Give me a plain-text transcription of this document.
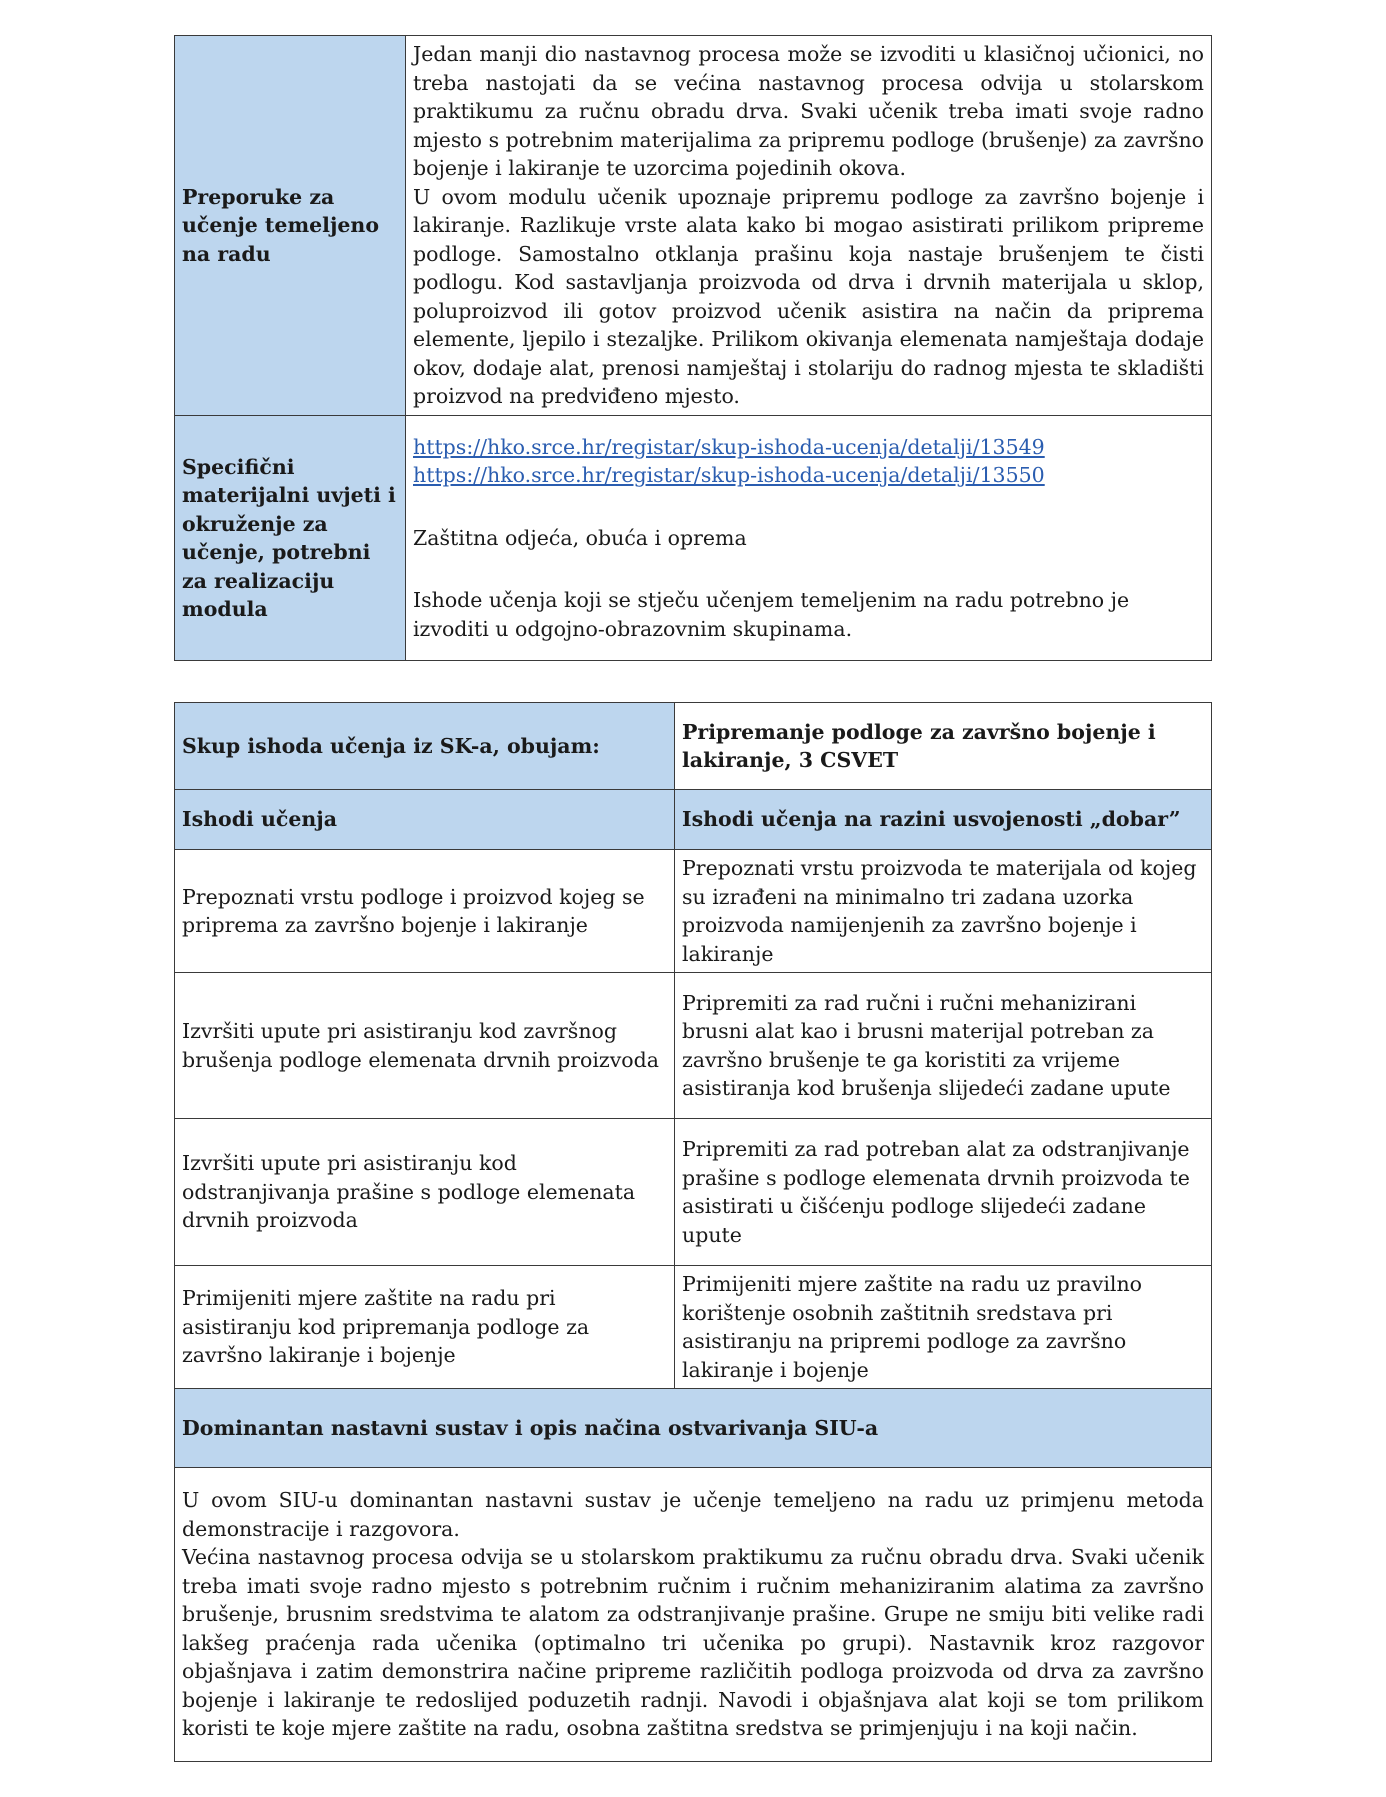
Preporuke za učenje temeljeno na radu	Jedan manji dio nastavnog procesa može se izvoditi u klasičnoj učionici, no treba nastojati da se većina nastavnog procesa odvija u stolarskom praktikumu za ručnu obradu drva. Svaki učenik treba imati svoje radno mjesto s potrebnim materijalima za pripremu podloge (brušenje) za završno bojenje i lakiranje te uzorcima pojedinih okova.

U ovom modulu učenik upoznaje pripremu podloge za završno bojenje i lakiranje. Razlikuje vrste alata kako bi mogao asistirati prilikom pripreme podloge. Samostalno otklanja prašinu koja nastaje brušenjem te čisti podlogu. Kod sastavljanja proizvoda od drva i drvnih materijala u sklop, poluproizvod ili gotov proizvod učenik asistira na način da priprema elemente, ljepilo i stezaljke. Prilikom okivanja elemenata namještaja dodaje okov, dodaje alat, prenosi namještaj i stolariju do radnog mjesta te skladišti proizvod na predviđeno mjesto.

Specifični materijalni uvjeti i okruženje za učenje, potrebni za realizaciju modula	https://hko.srce.hr/registar/skup-ishoda-ucenja/detalji/13549

https://hko.srce.hr/registar/skup-ishoda-ucenja/detalji/13550

Zaštitna odjeća, obuća i oprema

Ishode učenja koji se stječu učenjem temeljenim na radu potrebno je izvoditi u odgojno-obrazovnim skupinama.

Skup ishoda učenja iz SK-a, obujam:	Pripremanje podloge za završno bojenje i lakiranje, 3 CSVET
Ishodi učenja	Ishodi učenja na razini usvojenosti „dobar”
Prepoznati vrstu podloge i proizvod kojeg se priprema za završno bojenje i lakiranje	Prepoznati vrstu proizvoda te materijala od kojeg su izrađeni na minimalno tri zadana uzorka proizvoda namijenjenih za završno bojenje i lakiranje
Izvršiti upute pri asistiranju kod završnog brušenja podloge elemenata drvnih proizvoda	Pripremiti za rad ručni i ručni mehanizirani brusni alat kao i brusni materijal potreban za završno brušenje te ga koristiti za vrijeme asistiranja kod brušenja slijedeći zadane upute
Izvršiti upute pri asistiranju kod odstranjivanja prašine s podloge elemenata drvnih proizvoda	Pripremiti za rad potreban alat za odstranjivanje prašine s podloge elemenata drvnih proizvoda te asistirati u čišćenju podloge slijedeći zadane upute
Primijeniti mjere zaštite na radu pri asistiranju kod pripremanja podloge za završno lakiranje i bojenje	Primijeniti mjere zaštite na radu uz pravilno korištenje osobnih zaštitnih sredstava pri asistiranju na pripremi podloge za završno lakiranje i bojenje
Dominantan nastavni sustav i opis načina ostvarivanja SIU-a	

U ovom SIU-u dominantan nastavni sustav je učenje temeljeno na radu uz primjenu metoda demonstracije i razgovora.

Većina nastavnog procesa odvija se u stolarskom praktikumu za ručnu obradu drva. Svaki učenik treba imati svoje radno mjesto s potrebnim ručnim i ručnim mehaniziranim alatima za završno brušenje, brusnim sredstvima te alatom za odstranjivanje prašine. Grupe ne smiju biti velike radi lakšeg praćenja rada učenika (optimalno tri učenika po grupi). Nastavnik kroz razgovor objašnjava i zatim demonstrira načine pripreme različitih podloga proizvoda od drva za završno bojenje i lakiranje te redoslijed poduzetih radnji. Navodi i objašnjava alat koji se tom prilikom koristi te koje mjere zaštite na radu, osobna zaštitna sredstva se primjenjuju i na koji način.	
